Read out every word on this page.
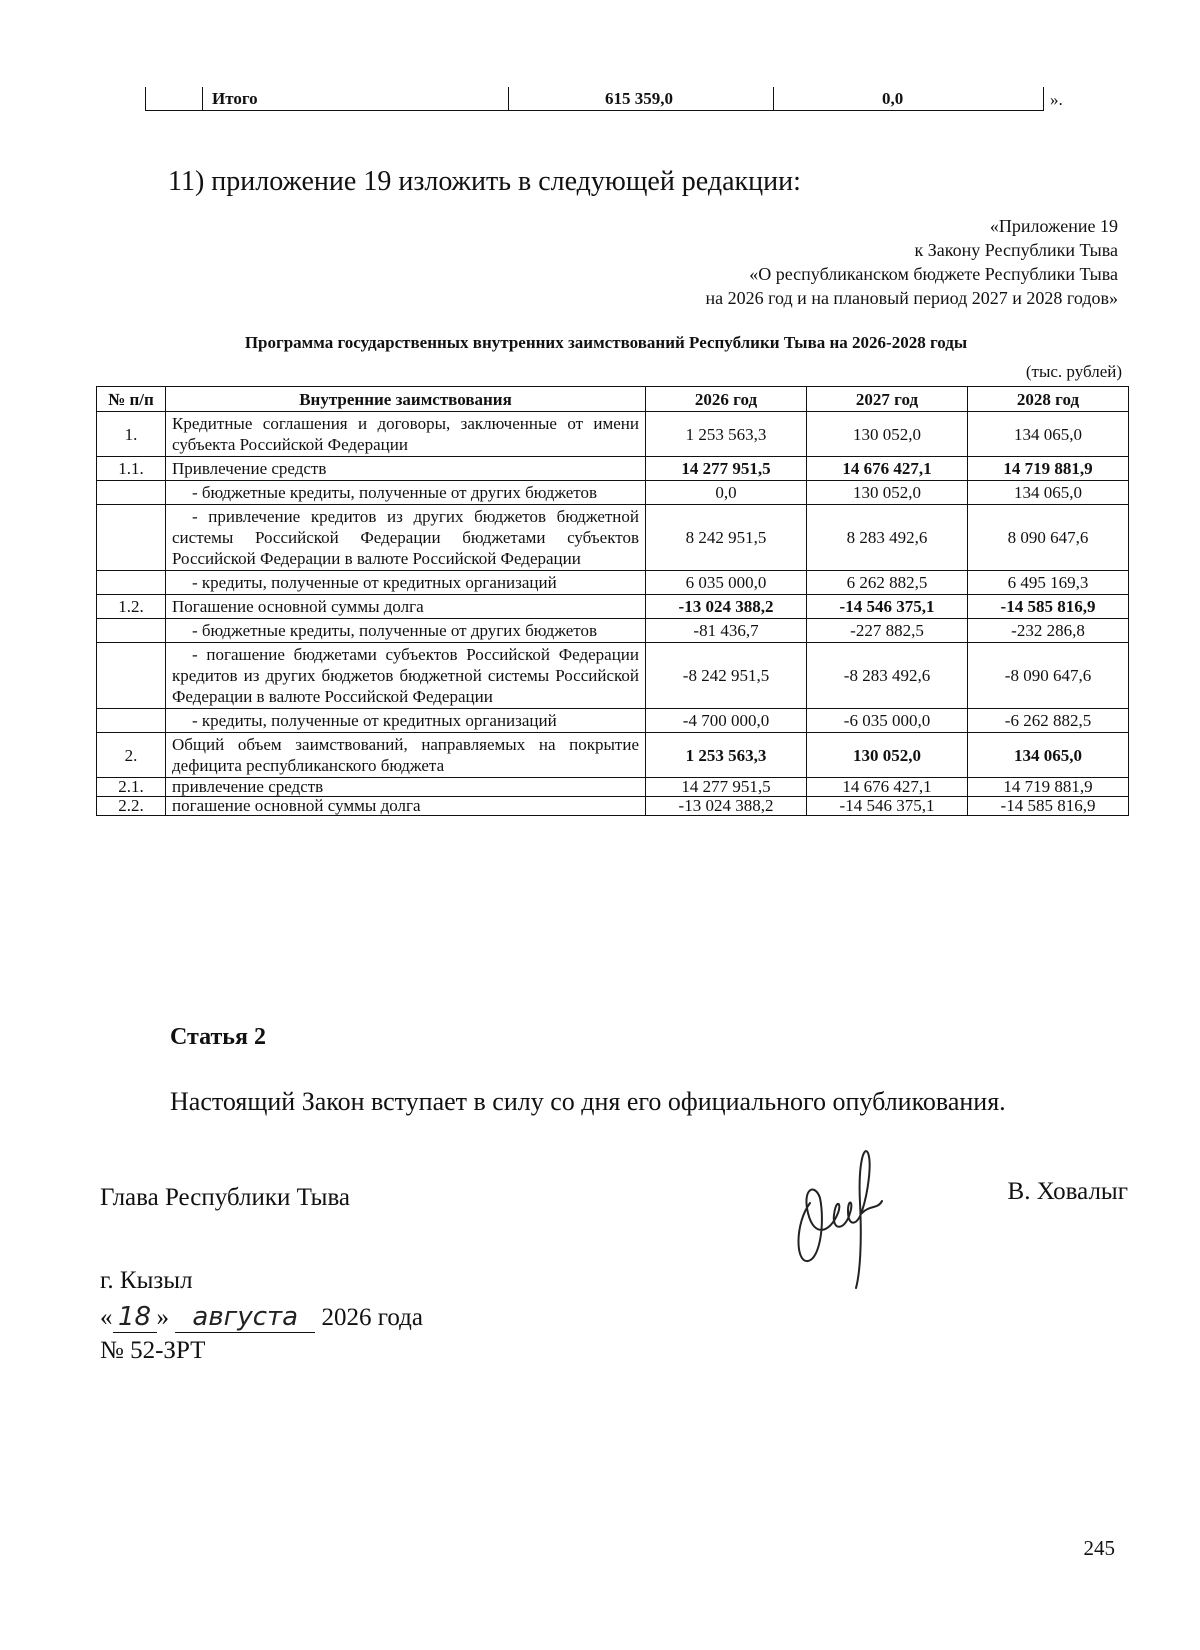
Итого	615 359,0	0,0	».
11) приложение 19 изложить в следующей редакции:
«Приложение 19
к Закону Республики Тыва
«О республиканском бюджете Республики Тыва
на 2026 год и на плановый период 2027 и 2028 годов»
Программа государственных внутренних заимствований Республики Тыва на 2026-2028 годы
(тыс. рублей)
№ п/п	Внутренние заимствования	2026 год	2027 год	2028 год
1.	Кредитные соглашения и договоры, заключенные от имени субъекта Российской Федерации	1 253 563,3	130 052,0	134 065,0
1.1.	Привлечение средств	14 277 951,5	14 676 427,1	14 719 881,9
	- бюджетные кредиты, полученные от других бюджетов	0,0	130 052,0	134 065,0
	- привлечение кредитов из других бюджетов бюджетной системы Российской Федерации бюджетами субъектов Российской Федерации в валюте Российской Федерации	8 242 951,5	8 283 492,6	8 090 647,6
	- кредиты, полученные от кредитных организаций	6 035 000,0	6 262 882,5	6 495 169,3
1.2.	Погашение основной суммы долга	-13 024 388,2	-14 546 375,1	-14 585 816,9
	- бюджетные кредиты, полученные от других бюджетов	-81 436,7	-227 882,5	-232 286,8
	- погашение бюджетами субъектов Российской Федерации кредитов из других бюджетов бюджетной системы Российской Федерации в валюте Российской Федерации	-8 242 951,5	-8 283 492,6	-8 090 647,6
	- кредиты, полученные от кредитных организаций	-4 700 000,0	-6 035 000,0	-6 262 882,5
2.	Общий объем заимствований, направляемых на покрытие дефицита республиканского бюджета	1 253 563,3	130 052,0	134 065,0
2.1.	привлечение средств	14 277 951,5	14 676 427,1	14 719 881,9
2.2.	погашение основной суммы долга	-13 024 388,2	-14 546 375,1	-14 585 816,9
Статья 2
Настоящий Закон вступает в силу со дня его официального опубликования.
Глава Республики Тыва	В. Ховалыг
г. Кызыл
« 18 » августа 2026 года
№ 52-ЗРТ
245
